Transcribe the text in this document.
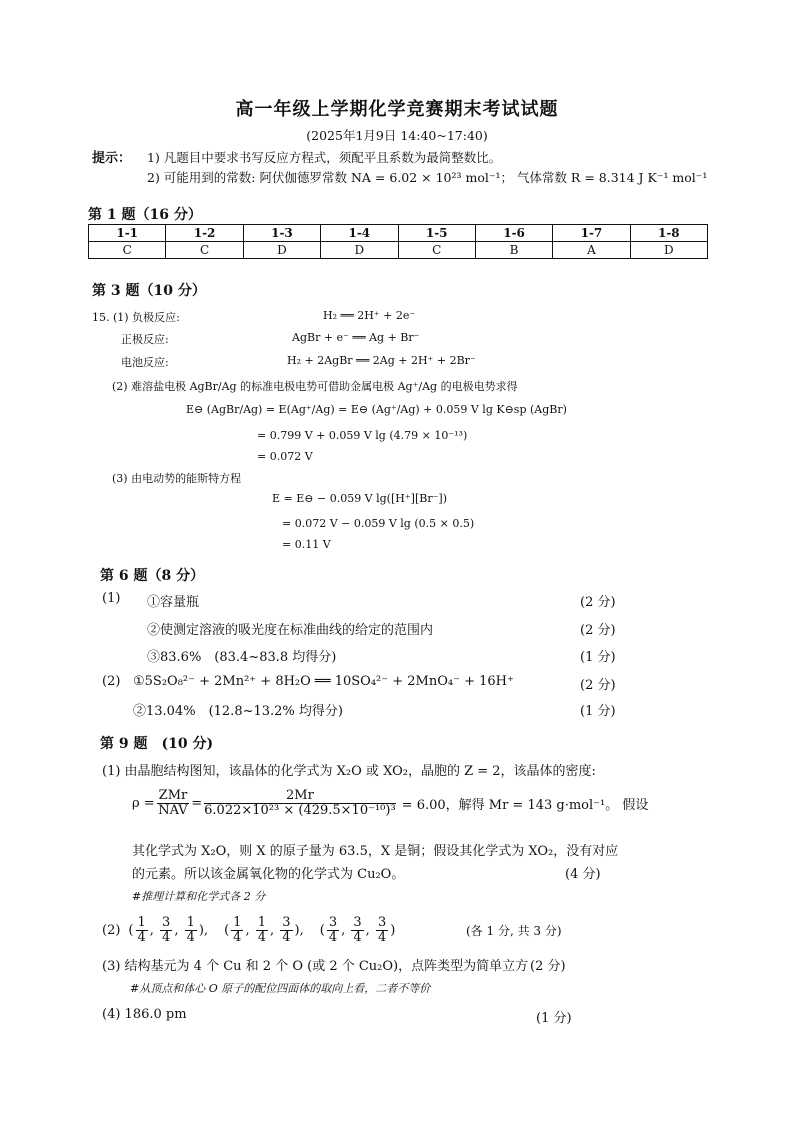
高一年级上学期化学竞赛期末考试试题
(2025年1月9日 14:40~17:40)
提示： 1) 凡题目中要求书写反应方程式，须配平且系数为最简整数比。
2) 可能用到的常数: 阿伏伽德罗常数 NA = 6.02 × 10²³ mol⁻¹； 气体常数 R = 8.314 J K⁻¹ mol⁻¹
第 1 题（16 分）
1-1	1-2	1-3	1-4	1-5	1-6	1-7	1-8
C	C	D	D	C	B	A	D
第 3 题（10 分）
15. (1) 负极反应:	H₂ ══ 2H⁺ + 2e⁻
正极反应:	AgBr + e⁻ ══ Ag + Br⁻
电池反应:	H₂ + 2AgBr ══ 2Ag + 2H⁺ + 2Br⁻
(2) 难溶盐电极 AgBr/Ag 的标准电极电势可借助金属电极 Ag⁺/Ag 的电极电势求得
E⊖ (AgBr/Ag) = E(Ag⁺/Ag) = E⊖ (Ag⁺/Ag) + 0.059 V lg K⊖sp (AgBr)
= 0.799 V + 0.059 V lg (4.79 × 10⁻¹³)
= 0.072 V
(3) 由电动势的能斯特方程
E = E⊖ − 0.059 V lg([H⁺][Br⁻])
= 0.072 V − 0.059 V lg (0.5 × 0.5)
= 0.11 V
第 6 题（8 分）
(1) ①容量瓶	(2 分)
②使测定溶液的吸光度在标准曲线的给定的范围内	(2 分)
③83.6%　(83.4~83.8 均得分)	(1 分)
(2) ①5S₂O₈²⁻ + 2Mn²⁺ + 8H₂O ══ 10SO₄²⁻ + 2MnO₄⁻ + 16H⁺	(2 分)
②13.04%　(12.8~13.2% 均得分)	(1 分)
第 9 题　(10 分)
(1) 由晶胞结构图知，该晶体的化学式为 X₂O 或 XO₂，晶胞的 Z = 2，该晶体的密度:
$\rho = \frac{\text{ZMr}}{\text{NAV}} = \frac{2Mr}{\text{6.022×10²³ × (429.5×10⁻¹⁰)³}} = 6.00$，解得 Mr = 143 g·mol⁻¹。 假设
其化学式为 X₂O，则 X 的原子量为 63.5，X 是铜；假设其化学式为 XO₂，没有对应
的元素。所以该金属氧化物的化学式为 Cu₂O。	(4 分)
#推理计算和化学式各 2 分
(2) ( $\frac{1}{4}$ , $\frac{3}{4}$ , $\frac{1}{4}$ ), ( $\frac{1}{4}$ , $\frac{1}{4}$ , $\frac{3}{4}$ ), ( $\frac{3}{4}$ , $\frac{3}{4}$ , $\frac{3}{4}$ )	(各 1 分, 共 3 分)
(3) 结构基元为 4 个 Cu 和 2 个 O (或 2 个 Cu₂O)，点阵类型为简单立方 (2 分)
#从顶点和体心 O 原子的配位四面体的取向上看，二者不等价
(4) 186.0 pm	(1 分)
